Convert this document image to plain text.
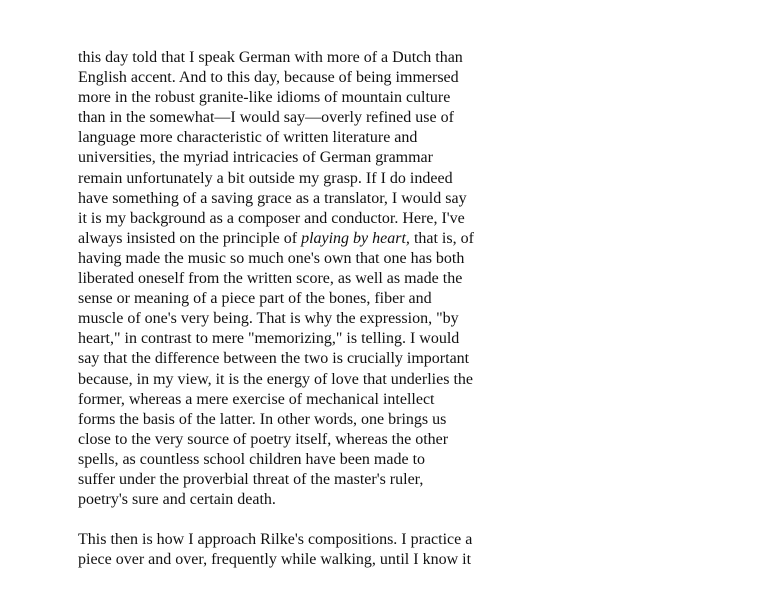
this day told that I speak German with more of a Dutch than
English accent. And to this day, because of being immersed
more in the robust granite-like idioms of mountain culture
than in the somewhat—I would say—overly refined use of
language more characteristic of written literature and
universities, the myriad intricacies of German grammar
remain unfortunately a bit outside my grasp. If I do indeed
have something of a saving grace as a translator, I would say
it is my background as a composer and conductor. Here, I've
always insisted on the principle of playing by heart, that is, of
having made the music so much one's own that one has both
liberated oneself from the written score, as well as made the
sense or meaning of a piece part of the bones, fiber and
muscle of one's very being. That is why the expression, "by
heart," in contrast to mere "memorizing," is telling. I would
say that the difference between the two is crucially important
because, in my view, it is the energy of love that underlies the
former, whereas a mere exercise of mechanical intellect
forms the basis of the latter. In other words, one brings us
close to the very source of poetry itself, whereas the other
spells, as countless school children have been made to
suffer under the proverbial threat of the master's ruler,
poetry's sure and certain death.
This then is how I approach Rilke's compositions. I practice a
piece over and over, frequently while walking, until I know it
